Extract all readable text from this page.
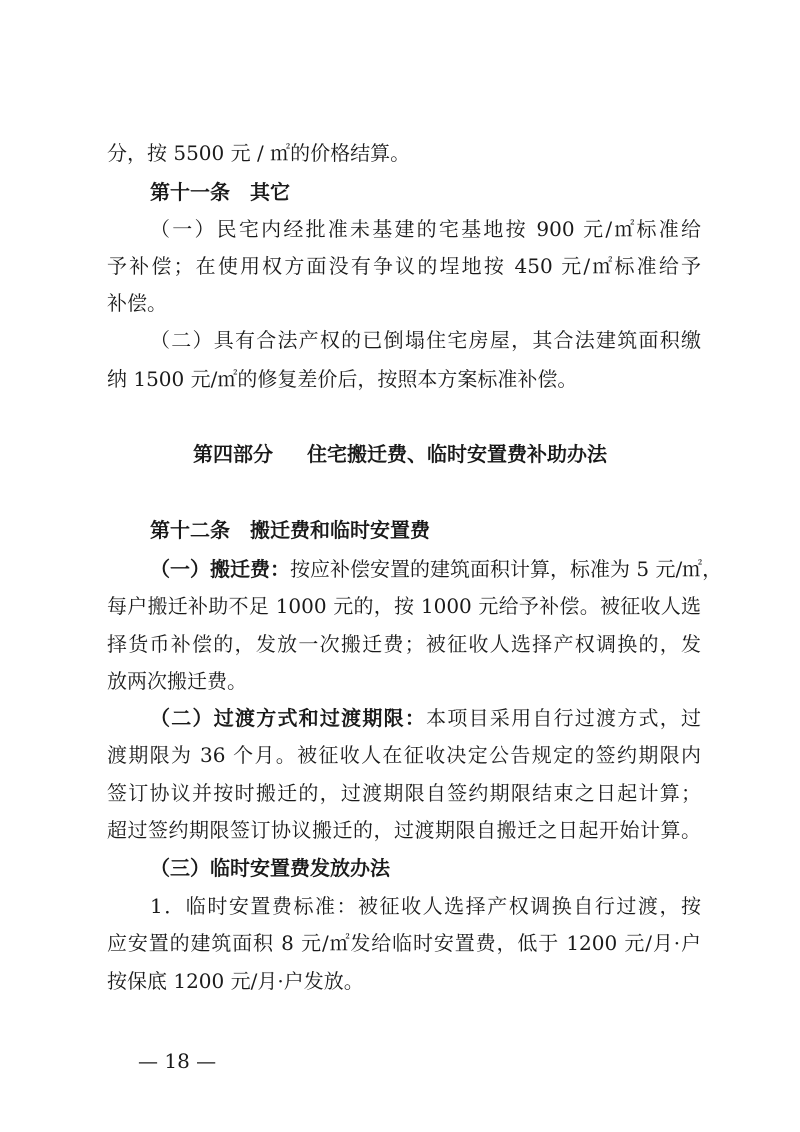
分，按 5500 元 / ㎡的价格结算。
第十一条 其它
（一）民宅内经批准未基建的宅基地按 900 元/㎡标准给
予补偿；在使用权方面没有争议的埕地按 450 元/㎡标准给予
补偿。
（二）具有合法产权的已倒塌住宅房屋，其合法建筑面积缴
纳 1500 元/㎡的修复差价后，按照本方案标准补偿。
第四部分 住宅搬迁费、临时安置费补助办法
第十二条 搬迁费和临时安置费
（一）搬迁费：按应补偿安置的建筑面积计算，标准为 5 元/㎡，
每户搬迁补助不足 1000 元的，按 1000 元给予补偿。被征收人选
择货币补偿的，发放一次搬迁费；被征收人选择产权调换的，发
放两次搬迁费。
（二）过渡方式和过渡期限：本项目采用自行过渡方式，过
渡期限为 36 个月。被征收人在征收决定公告规定的签约期限内
签订协议并按时搬迁的，过渡期限自签约期限结束之日起计算；
超过签约期限签订协议搬迁的，过渡期限自搬迁之日起开始计算。
（三）临时安置费发放办法
1．临时安置费标准：被征收人选择产权调换自行过渡，按
应安置的建筑面积 8 元/㎡发给临时安置费，低于 1200 元/月·户
按保底 1200 元/月·户发放。
— 18 —
